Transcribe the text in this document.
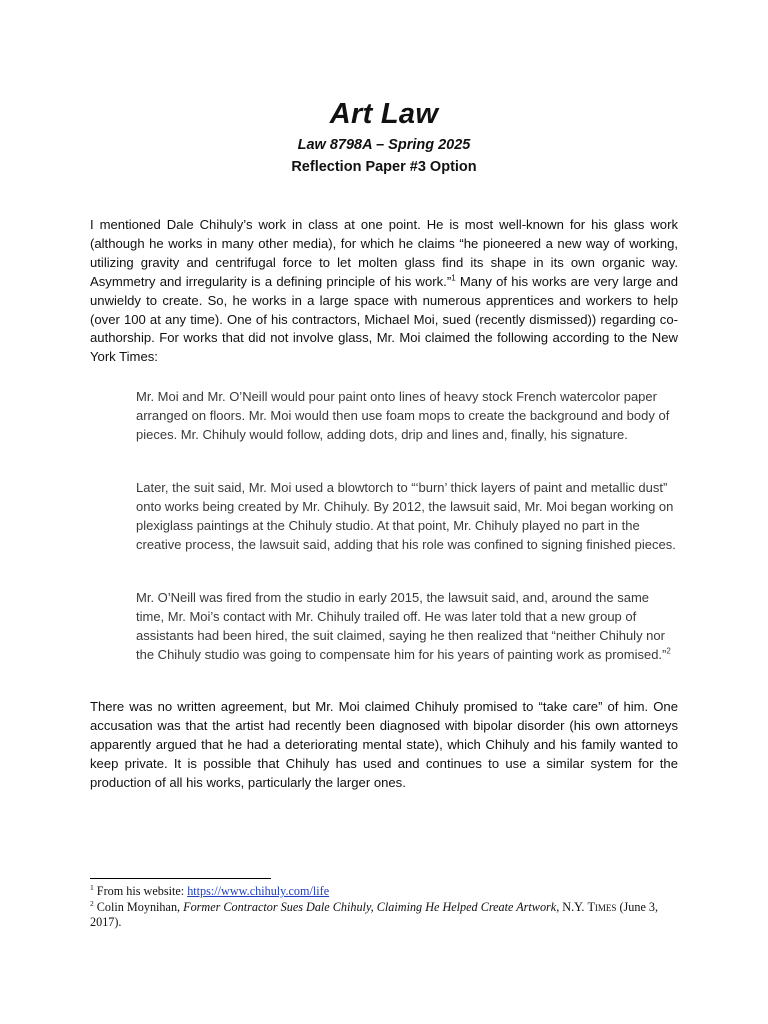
Art Law
Law 8798A – Spring 2025
Reflection Paper #3 Option

I mentioned Dale Chihuly’s work in class at one point. He is most well-known for his glass work (although he works in many other media), for which he claims “he pioneered a new way of working, utilizing gravity and centrifugal force to let molten glass find its shape in its own organic way. Asymmetry and irregularity is a defining principle of his work.”$^1$ Many of his works are very large and unwieldy to create. So, he works in a large space with numerous apprentices and workers to help (over 100 at any time). One of his contractors, Michael Moi, sued (recently dismissed)) regarding co-authorship. For works that did not involve glass, Mr. Moi claimed the following according to the New York Times:

Mr. Moi and Mr. O’Neill would pour paint onto lines of heavy stock French watercolor paper arranged on floors. Mr. Moi would then use foam mops to create the background and body of pieces. Mr. Chihuly would follow, adding dots, drip and lines and, finally, his signature.

Later, the suit said, Mr. Moi used a blowtorch to “‘burn’ thick layers of paint and metallic dust” onto works being created by Mr. Chihuly. By 2012, the lawsuit said, Mr. Moi began working on plexiglass paintings at the Chihuly studio. At that point, Mr. Chihuly played no part in the creative process, the lawsuit said, adding that his role was confined to signing finished pieces.

Mr. O’Neill was fired from the studio in early 2015, the lawsuit said, and, around the same time, Mr. Moi’s contact with Mr. Chihuly trailed off. He was later told that a new group of assistants had been hired, the suit claimed, saying he then realized that “neither Chihuly nor the Chihuly studio was going to compensate him for his years of painting work as promised.”$^2$

There was no written agreement, but Mr. Moi claimed Chihuly promised to “take care” of him. One accusation was that the artist had recently been diagnosed with bipolar disorder (his own attorneys apparently argued that he had a deteriorating mental state), which Chihuly and his family wanted to keep private. It is possible that Chihuly has used and continues to use a similar system for the production of all his works, particularly the larger ones.

$^1$ From his website: https://www.chihuly.com/life

$^2$ Colin Moynihan, Former Contractor Sues Dale Chihuly, Claiming He Helped Create Artwork, N.Y. Times (June 3, 2017).
